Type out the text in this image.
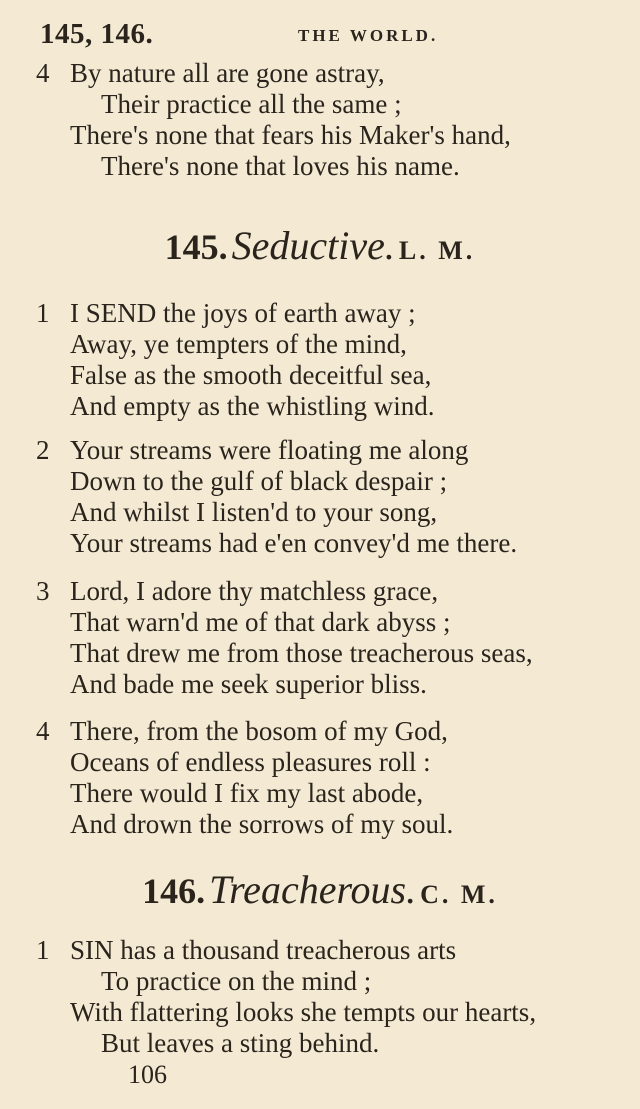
145, 146.	THE WORLD.
4 By nature all are gone astray,
Their practice all the same ;
There's none that fears his Maker's hand,
There's none that loves his name.
145. Seductive. L. M.
1 I SEND the joys of earth away ;
Away, ye tempters of the mind,
False as the smooth deceitful sea,
And empty as the whistling wind.
2 Your streams were floating me along
Down to the gulf of black despair ;
And whilst I listen'd to your song,
Your streams had e'en convey'd me there.
3 Lord, I adore thy matchless grace,
That warn'd me of that dark abyss ;
That drew me from those treacherous seas,
And bade me seek superior bliss.
4 There, from the bosom of my God,
Oceans of endless pleasures roll :
There would I fix my last abode,
And drown the sorrows of my soul.
146. Treacherous. C. M.
1 SIN has a thousand treacherous arts
To practice on the mind ;
With flattering looks she tempts our hearts,
But leaves a sting behind.
106
